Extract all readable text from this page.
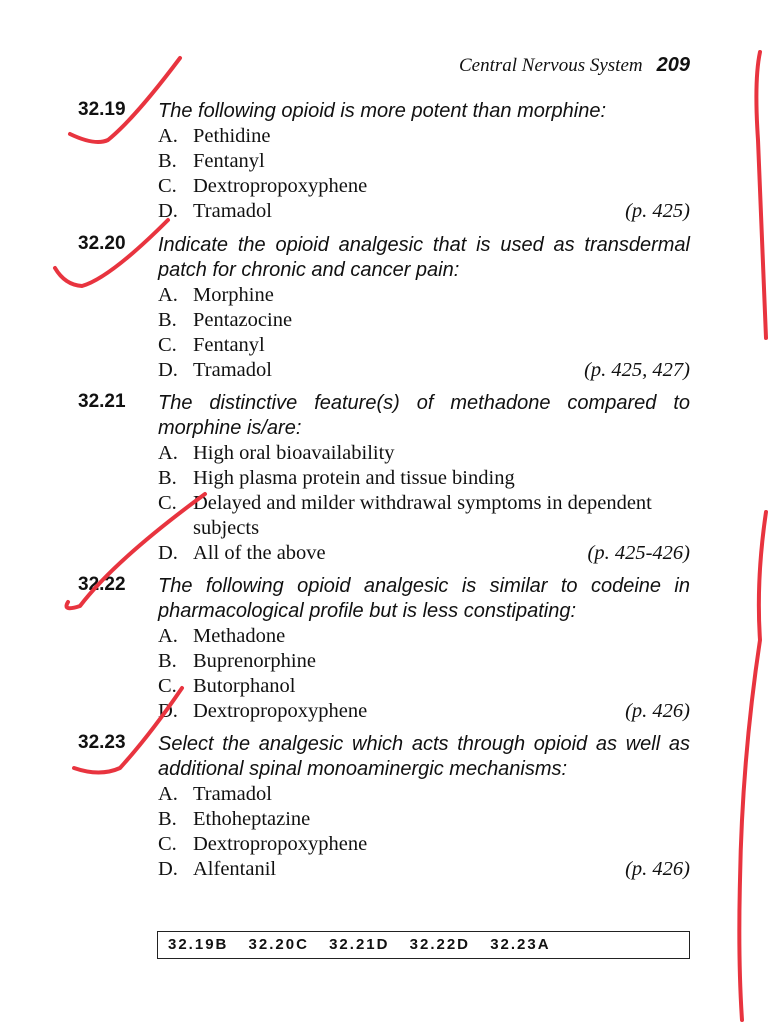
Central Nervous System 209
32.19 The following opioid is more potent than morphine:
A. Pethidine
B. Fentanyl
C. Dextropropoxyphene
D. Tramadol	(p. 425)
32.20 Indicate the opioid analgesic that is used as transdermal patch for chronic and cancer pain:
A. Morphine
B. Pentazocine
C. Fentanyl
D. Tramadol	(p. 425, 427)
32.21 The distinctive feature(s) of methadone compared to morphine is/are:
A. High oral bioavailability
B. High plasma protein and tissue binding
C. Delayed and milder withdrawal symptoms in dependent subjects
D. All of the above	(p. 425-426)
32.22 The following opioid analgesic is similar to codeine in pharmacological profile but is less constipating:
A. Methadone
B. Buprenorphine
C. Butorphanol
D. Dextropropoxyphene	(p. 426)
32.23 Select the analgesic which acts through opioid as well as additional spinal monoaminergic mechanisms:
A. Tramadol
B. Ethoheptazine
C. Dextropropoxyphene
D. Alfentanil	(p. 426)
32.19B 32.20C 32.21D 32.22D 32.23A
